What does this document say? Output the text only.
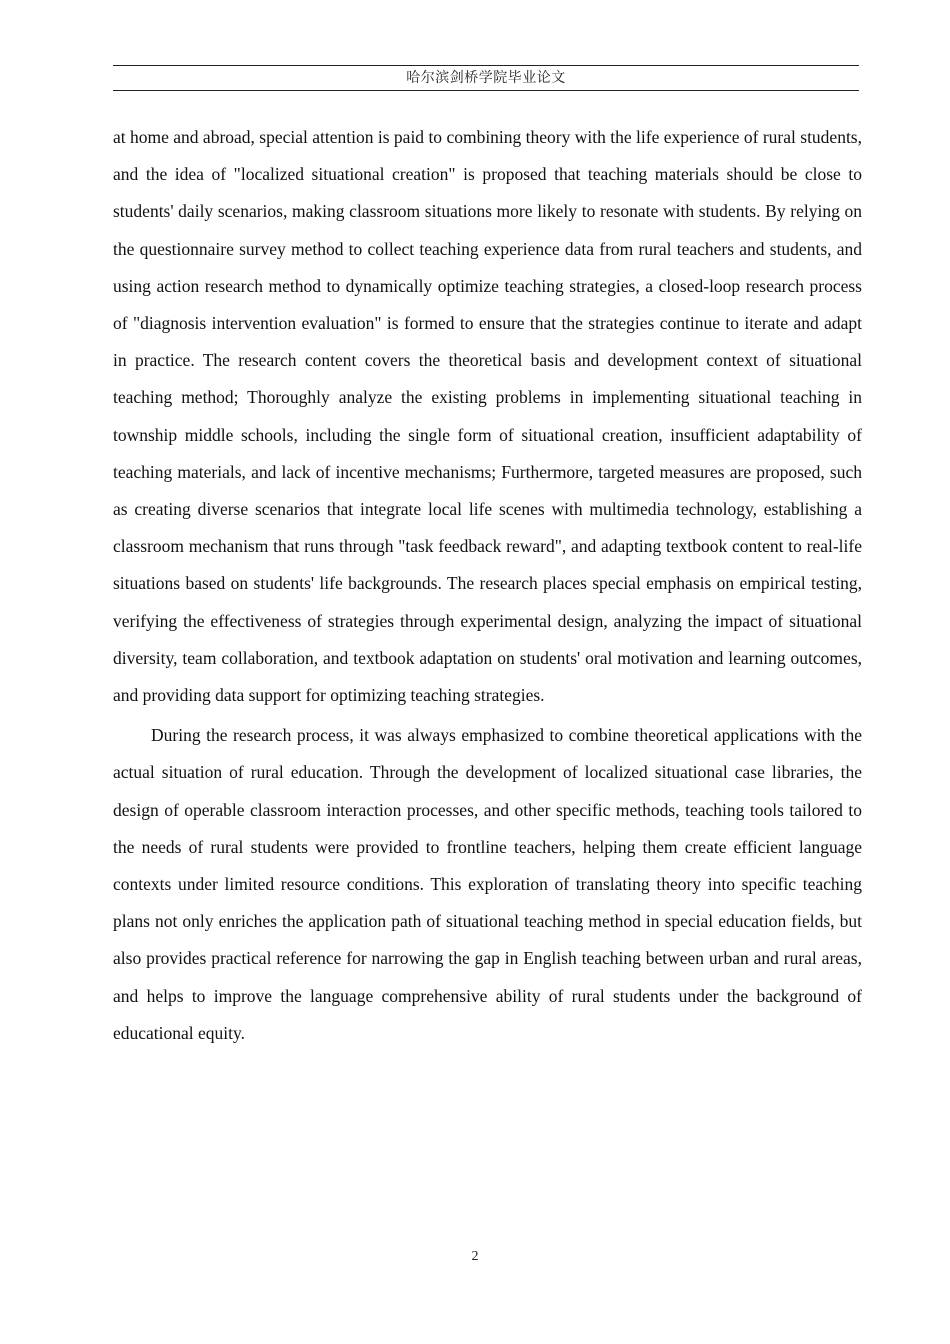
哈尔滨剑桥学院毕业论文

at home and abroad, special attention is paid to combining theory with the life experience of rural students, and the idea of "localized situational creation" is proposed that teaching materials should be close to students' daily scenarios, making classroom situations more likely to resonate with students. By relying on the questionnaire survey method to collect teaching experience data from rural teachers and students, and using action research method to dynamically optimize teaching strategies, a closed-loop research process of "diagnosis intervention evaluation" is formed to ensure that the strategies continue to iterate and adapt in practice. The research content covers the theoretical basis and development context of situational teaching method; Thoroughly analyze the existing problems in implementing situational teaching in township middle schools, including the single form of situational creation, insufficient adaptability of teaching materials, and lack of incentive mechanisms; Furthermore, targeted measures are proposed, such as creating diverse scenarios that integrate local life scenes with multimedia technology, establishing a classroom mechanism that runs through "task feedback reward", and adapting textbook content to real-life situations based on students' life backgrounds. The research places special emphasis on empirical testing, verifying the effectiveness of strategies through experimental design, analyzing the impact of situational diversity, team collaboration, and textbook adaptation on students' oral motivation and learning outcomes, and providing data support for optimizing teaching strategies.

During the research process, it was always emphasized to combine theoretical applications with the actual situation of rural education. Through the development of localized situational case libraries, the design of operable classroom interaction processes, and other specific methods, teaching tools tailored to the needs of rural students were provided to frontline teachers, helping them create efficient language contexts under limited resource conditions. This exploration of translating theory into specific teaching plans not only enriches the application path of situational teaching method in special education fields, but also provides practical reference for narrowing the gap in English teaching between urban and rural areas, and helps to improve the language comprehensive ability of rural students under the background of educational equity.

2
